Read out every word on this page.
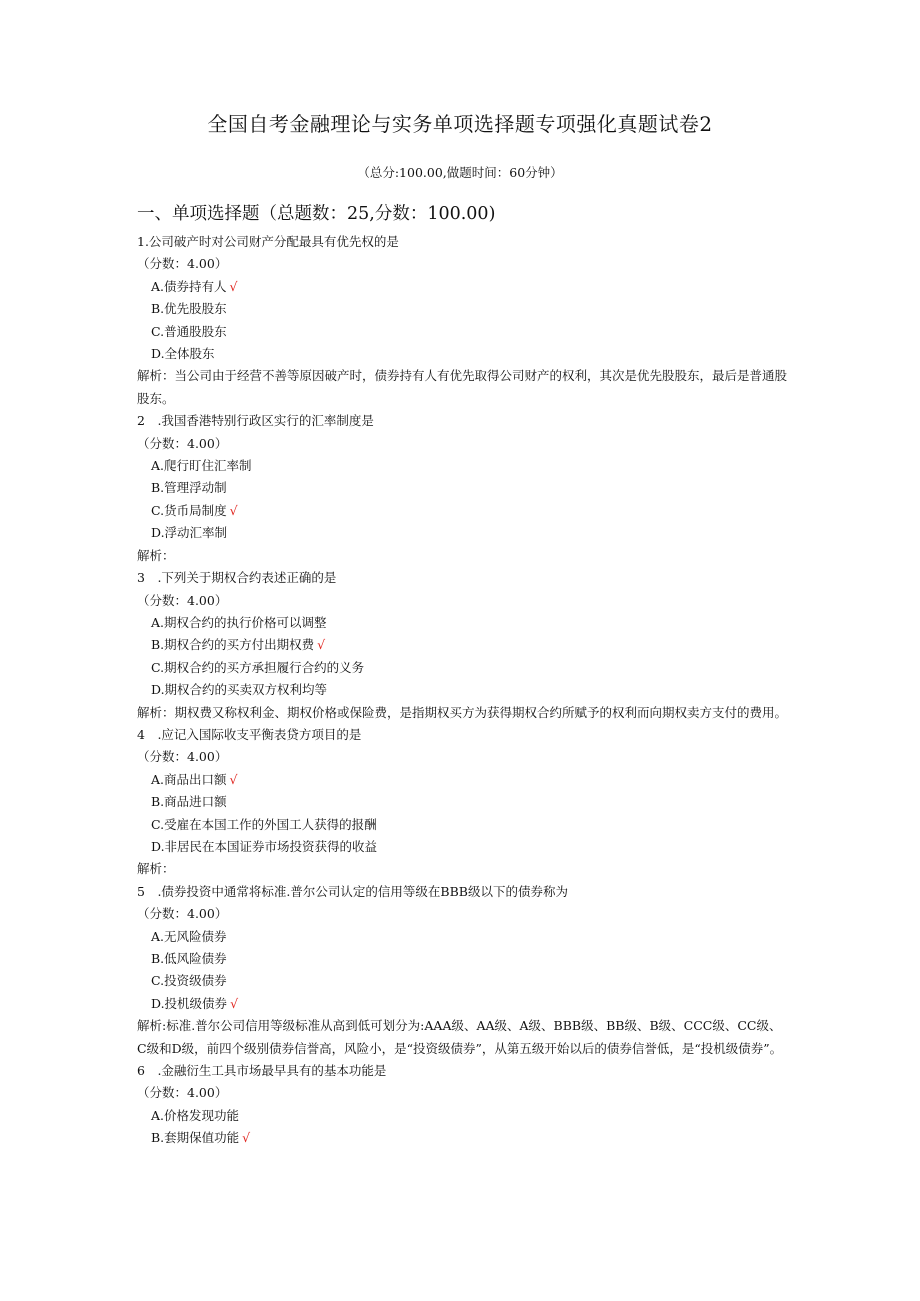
全国自考金融理论与实务单项选择题专项强化真题试卷2
（总分:100.00,做题时间：60分钟）
一、单项选择题（总题数：25,分数：100.00)
1.公司破产时对公司财产分配最具有优先权的是
（分数：4.00）
A.债券持有人 √
B.优先股股东
C.普通股股东
D.全体股东
解析：当公司由于经营不善等原因破产时，债券持有人有优先取得公司财产的权利，其次是优先股股东，最后是普通股股东。
2　.我国香港特别行政区实行的汇率制度是
（分数：4.00）
A.爬行盯住汇率制
B.管理浮动制
C.货币局制度 √
D.浮动汇率制
解析：
3　.下列关于期权合约表述正确的是
（分数：4.00）
A.期权合约的执行价格可以调整
B.期权合约的买方付出期权费 √
C.期权合约的买方承担履行合约的义务
D.期权合约的买卖双方权利均等
解析：期权费又称权利金、期权价格或保险费，是指期权买方为获得期权合约所赋予的权利而向期权卖方支付的费用。
4　.应记入国际收支平衡表贷方项目的是
（分数：4.00）
A.商品出口额 √
B.商品进口额
C.受雇在本国工作的外国工人获得的报酬
D.非居民在本国证券市场投资获得的收益
解析：
5　.债券投资中通常将标准.普尔公司认定的信用等级在BBB级以下的债券称为
（分数：4.00）
A.无风险债券
B.低风险债券
C.投资级债券
D.投机级债券 √
解析:标准.普尔公司信用等级标准从高到低可划分为:AAA级、AA级、A级、BBB级、BB级、B级、CCC级、CC级、C级和D级，前四个级别债券信誉高，风险小，是“投资级债券”，从第五级开始以后的债券信誉低，是“投机级债券”。
6　.金融衍生工具市场最早具有的基本功能是
（分数：4.00）
A.价格发现功能
B.套期保值功能 √
